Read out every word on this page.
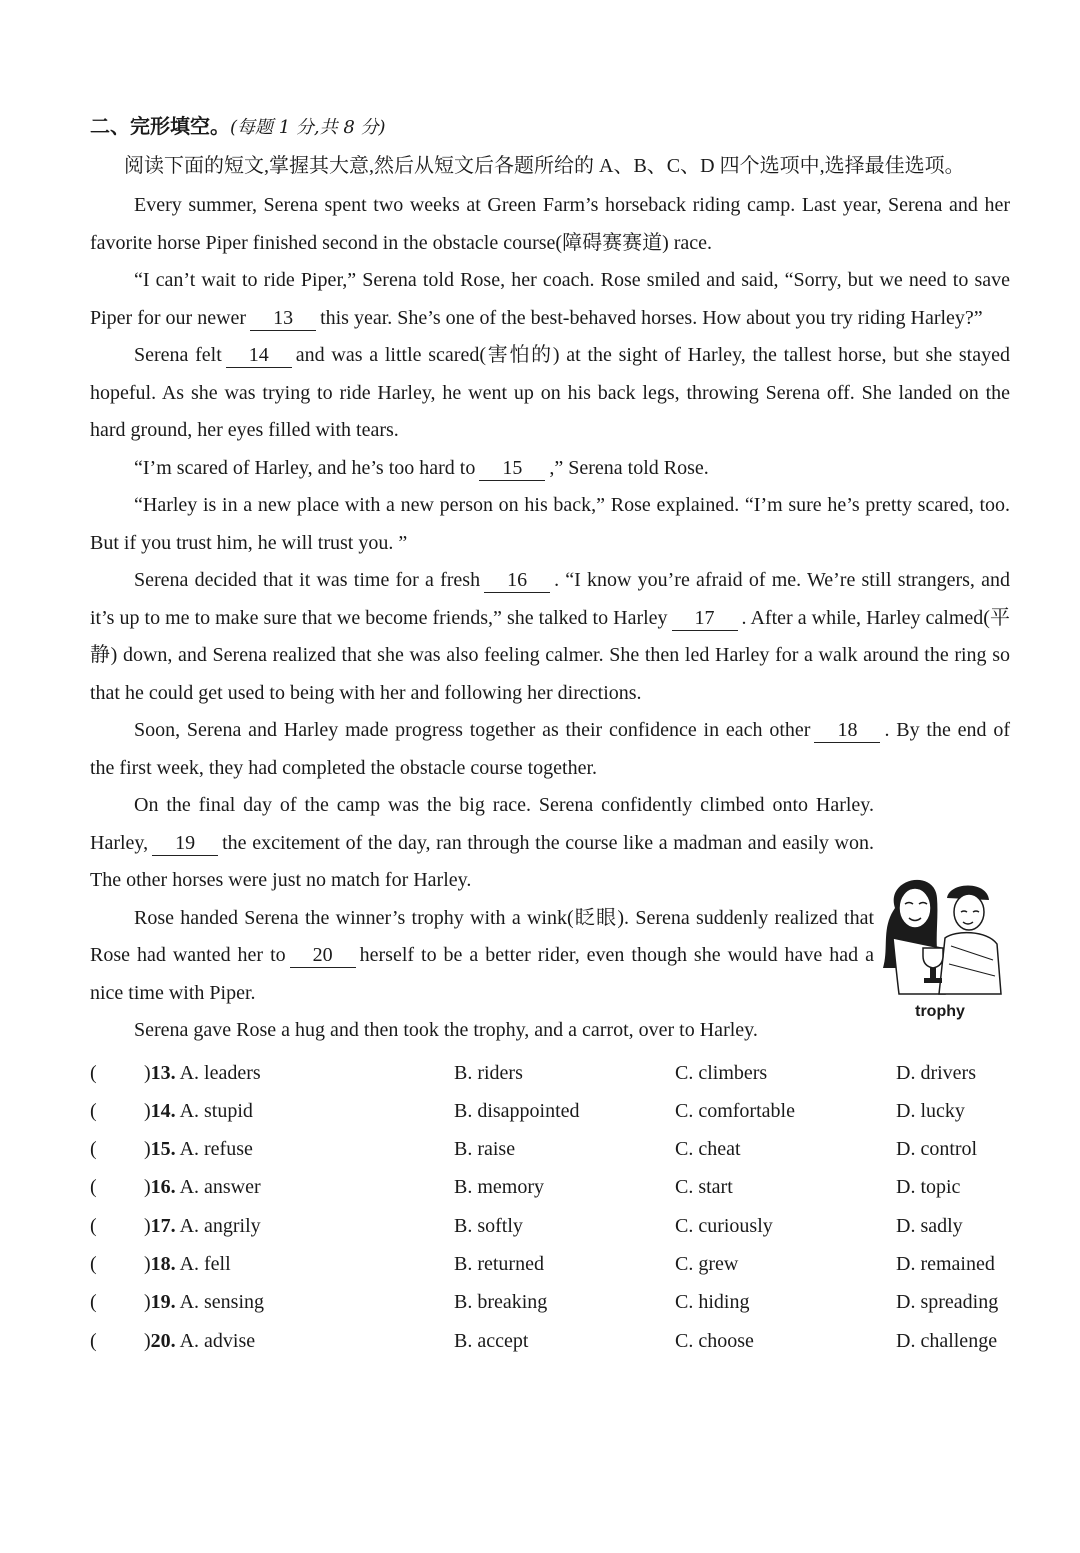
二、完形填空。(每题 1 分,共 8 分)

阅读下面的短文,掌握其大意,然后从短文后各题所给的 A、B、C、D 四个选项中,选择最佳选项。

Every summer, Serena spent two weeks at Green Farm’s horseback riding camp. Last year, Serena and her favorite horse Piper finished second in the obstacle course(障碍赛赛道) race.

“I can’t wait to ride Piper,” Serena told Rose, her coach. Rose smiled and said, “Sorry, but we need to save Piper for our newer 13 this year. She’s one of the best-behaved horses. How about you try riding Harley?”

Serena felt 14 and was a little scared(害怕的) at the sight of Harley, the tallest horse, but she stayed hopeful. As she was trying to ride Harley, he went up on his back legs, throwing Serena off. She landed on the hard ground, her eyes filled with tears.

“I’m scared of Harley, and he’s too hard to 15 ,” Serena told Rose.

“Harley is in a new place with a new person on his back,” Rose explained. “I’m sure he’s pretty scared, too. But if you trust him, he will trust you. ”

Serena decided that it was time for a fresh 16 . “I know you’re afraid of me. We’re still strangers, and it’s up to me to make sure that we become friends,” she talked to Harley 17 . After a while, Harley calmed(平静) down, and Serena realized that she was also feeling calmer. She then led Harley for a walk around the ring so that he could get used to being with her and following her directions.

Soon, Serena and Harley made progress together as their confidence in each other 18 . By the end of the first week, they had completed the obstacle course together.

On the final day of the camp was the big race. Serena confidently climbed onto Harley. Harley, 19 the excitement of the day, ran through the course like a madman and easily won. The other horses were just no match for Harley.

Rose handed Serena the winner’s trophy with a wink(眨眼). Serena suddenly realized that Rose had wanted her to 20 herself to be a better rider, even though she would have had a nice time with Piper.

Serena gave Rose a hug and then took the trophy, and a carrot, over to Harley.

(	)13. A. leaders	B. riders	C. climbers	D. drivers
(	)14. A. stupid	B. disappointed	C. comfortable	D. lucky
(	)15. A. refuse	B. raise	C. cheat	D. control
(	)16. A. answer	B. memory	C. start	D. topic
(	)17. A. angrily	B. softly	C. curiously	D. sadly
(	)18. A. fell	B. returned	C. grew	D. remained
(	)19. A. sensing	B. breaking	C. hiding	D. spreading
(	)20. A. advise	B. accept	C. choose	D. challenge
trophy
